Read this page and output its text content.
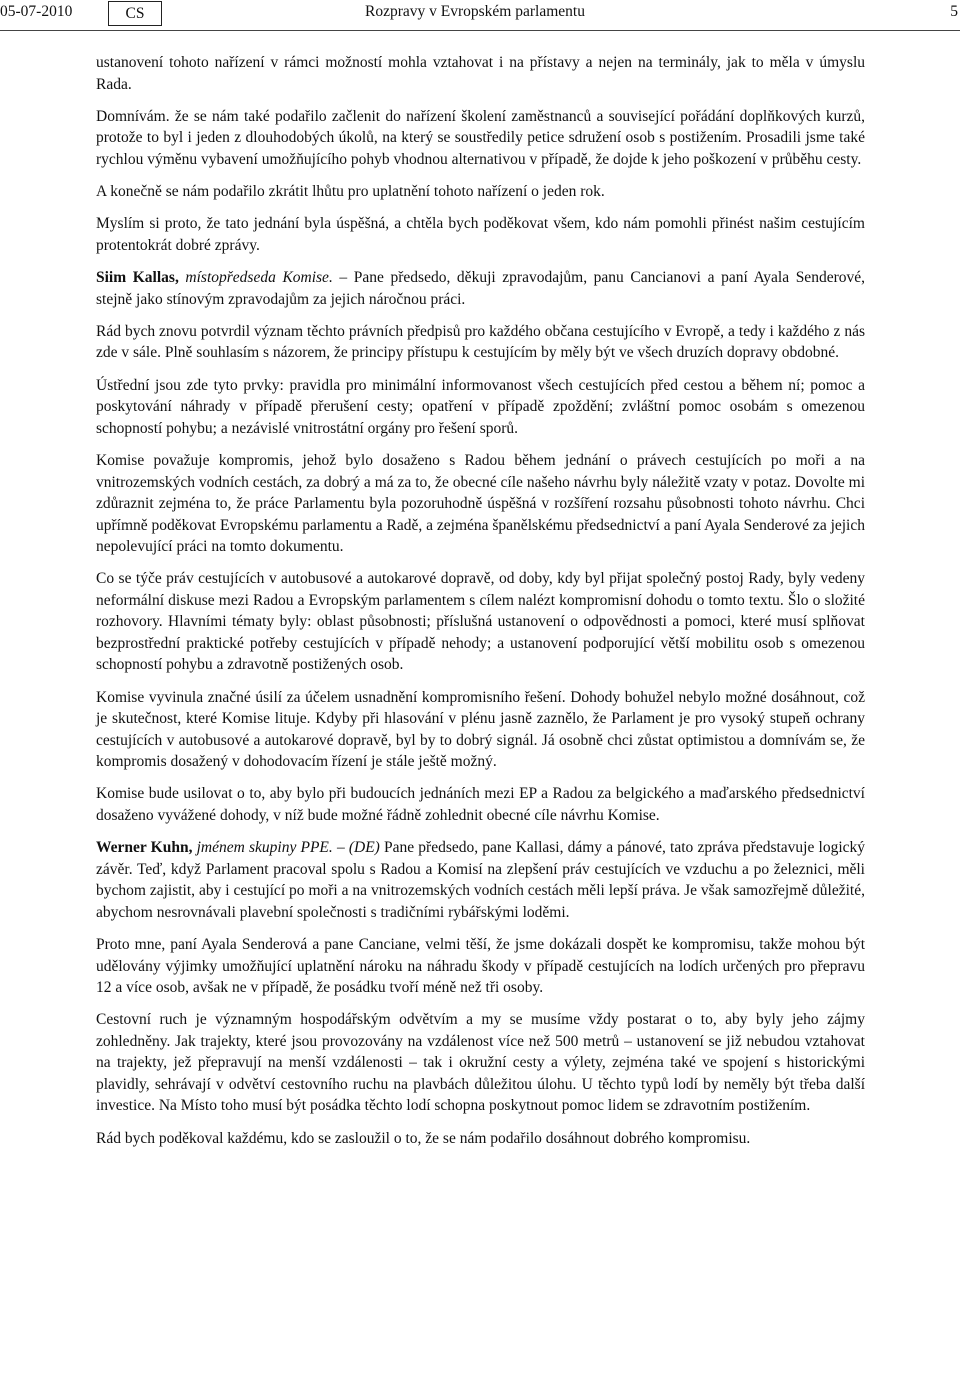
05-07-2010	CS	Rozpravy v Evropském parlamentu	5

ustanovení tohoto nařízení v rámci možností mohla vztahovat i na přístavy a nejen na terminály, jak to měla v úmyslu Rada.

Domnívám. že se nám také podařilo začlenit do nařízení školení zaměstnanců a související pořádání doplňkových kurzů, protože to byl i jeden z dlouhodobých úkolů, na který se soustředily petice sdružení osob s postižením. Prosadili jsme také rychlou výměnu vybavení umožňujícího pohyb vhodnou alternativou v případě, že dojde k jeho poškození v průběhu cesty.

A konečně se nám podařilo zkrátit lhůtu pro uplatnění tohoto nařízení o jeden rok.

Myslím si proto, že tato jednání byla úspěšná, a chtěla bych poděkovat všem, kdo nám pomohli přinést našim cestujícím protentokrát dobré zprávy.

Siim Kallas, místopředseda Komise. – Pane předsedo, děkuji zpravodajům, panu Cancianovi a paní Ayala Senderové, stejně jako stínovým zpravodajům za jejich náročnou práci.

Rád bych znovu potvrdil význam těchto právních předpisů pro každého občana cestujícího v Evropě, a tedy i každého z nás zde v sále. Plně souhlasím s názorem, že principy přístupu k cestujícím by měly být ve všech druzích dopravy obdobné.

Ústřední jsou zde tyto prvky: pravidla pro minimální informovanost všech cestujících před cestou a během ní; pomoc a poskytování náhrady v případě přerušení cesty; opatření v případě zpoždění; zvláštní pomoc osobám s omezenou schopností pohybu; a nezávislé vnitrostátní orgány pro řešení sporů.

Komise považuje kompromis, jehož bylo dosaženo s Radou během jednání o právech cestujících po moři a na vnitrozemských vodních cestách, za dobrý a má za to, že obecné cíle našeho návrhu byly náležitě vzaty v potaz. Dovolte mi zdůraznit zejména to, že práce Parlamentu byla pozoruhodně úspěšná v rozšíření rozsahu působnosti tohoto návrhu. Chci upřímně poděkovat Evropskému parlamentu a Radě, a zejména španělskému předsednictví a paní Ayala Senderové za jejich nepolevující práci na tomto dokumentu.

Co se týče práv cestujících v autobusové a autokarové dopravě, od doby, kdy byl přijat společný postoj Rady, byly vedeny neformální diskuse mezi Radou a Evropským parlamentem s cílem nalézt kompromisní dohodu o tomto textu. Šlo o složité rozhovory. Hlavními tématy byly: oblast působnosti; příslušná ustanovení o odpovědnosti a pomoci, které musí splňovat bezprostřední praktické potřeby cestujících v případě nehody; a ustanovení podporující větší mobilitu osob s omezenou schopností pohybu a zdravotně postižených osob.

Komise vyvinula značné úsilí za účelem usnadnění kompromisního řešení. Dohody bohužel nebylo možné dosáhnout, což je skutečnost, které Komise lituje. Kdyby při hlasování v plénu jasně zaznělo, že Parlament je pro vysoký stupeň ochrany cestujících v autobusové a autokarové dopravě, byl by to dobrý signál. Já osobně chci zůstat optimistou a domnívám se, že kompromis dosažený v dohodovacím řízení je stále ještě možný.

Komise bude usilovat o to, aby bylo při budoucích jednáních mezi EP a Radou za belgického a maďarského předsednictví dosaženo vyvážené dohody, v níž bude možné řádně zohlednit obecné cíle návrhu Komise.

Werner Kuhn, jménem skupiny PPE. – (DE) Pane předsedo, pane Kallasi, dámy a pánové, tato zpráva představuje logický závěr. Teď, když Parlament pracoval spolu s Radou a Komisí na zlepšení práv cestujících ve vzduchu a po železnici, měli bychom zajistit, aby i cestující po moři a na vnitrozemských vodních cestách měli lepší práva. Je však samozřejmě důležité, abychom nesrovnávali plavební společnosti s tradičními rybářskými loděmi.

Proto mne, paní Ayala Senderová a pane Canciane, velmi těší, že jsme dokázali dospět ke kompromisu, takže mohou být udělovány výjimky umožňující uplatnění nároku na náhradu škody v případě cestujících na lodích určených pro přepravu 12 a více osob, avšak ne v případě, že posádku tvoří méně než tři osoby.

Cestovní ruch je významným hospodářským odvětvím a my se musíme vždy postarat o to, aby byly jeho zájmy zohledněny. Jak trajekty, které jsou provozovány na vzdálenost více než 500 metrů – ustanovení se již nebudou vztahovat na trajekty, jež přepravují na menší vzdálenosti – tak i okružní cesty a výlety, zejména také ve spojení s historickými plavidly, sehrávají v odvětví cestovního ruchu na plavbách důležitou úlohu. U těchto typů lodí by neměly být třeba další investice. Na Místo toho musí být posádka těchto lodí schopna poskytnout pomoc lidem se zdravotním postižením.

Rád bych poděkoval každému, kdo se zasloužil o to, že se nám podařilo dosáhnout dobrého kompromisu.
